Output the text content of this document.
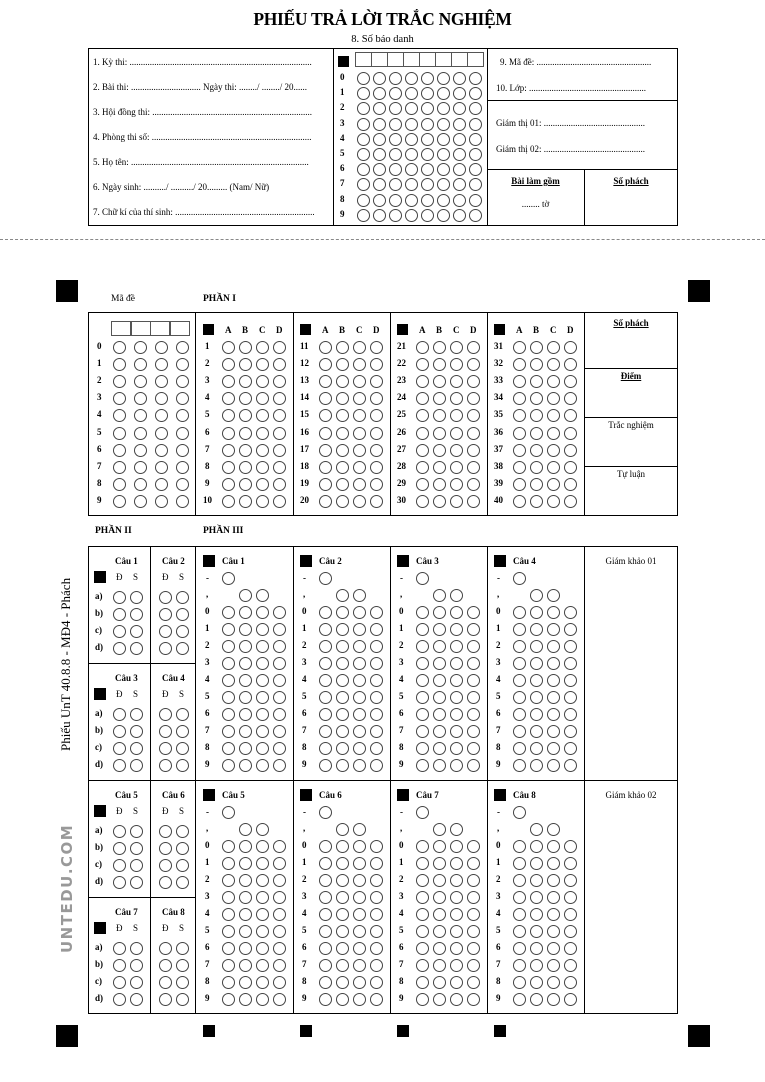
PHIẾU TRẢ LỜI TRẮC NGHIỆM
8. Số báo danh
1. Kỳ thi: .................................................................................
2. Bài thi: ............................... Ngày thi: ......../ ......../ 20......
3. Hội đồng thi: .......................................................................
4. Phòng thi số: .......................................................................
5. Họ tên: ...............................................................................
6. Ngày sinh: ........../ ........../ 20......... (Nam/ Nữ)
7. Chữ kí của thí sinh: ..............................................................
9. Mã đề: ...................................................
10. Lớp: ....................................................
Giám thị 01: .............................................
Giám thị 02: .............................................
Bài làm gồm
........ tờ
Số phách
0
1
2
3
4
5
6
7
8
9
Mã đề	PHẦN I
Số phách
Điểm
Trắc nghiệm
Tự luận
0
1
2
3
4
5
6
7
8
9
A B C D
1
2
3
4
5
6
7
8
9
10
A B C D
11
12
13
14
15
16
17
18
19
20
A B C D
21
22
23
24
25
26
27
28
29
30
A B C D
31
32
33
34
35
36
37
38
39
40
PHẦN II	PHẦN III
Giám khảo 01
Giám khảo 02
Câu 1	Câu 2
Đ S	Đ S
a)
b)
c)
d)
Câu 3	Câu 4
Đ S	Đ S
a)
b)
c)
d)
Câu 5	Câu 6
Đ S	Đ S
a)
b)
c)
d)
Câu 7	Câu 8
Đ S	Đ S
a)
b)
c)
d)
Câu 1
-
,
0
1
2
3
4
5
6
7
8
9
Câu 2
-
,
0
1
2
3
4
5
6
7
8
9
Câu 3
-
,
0
1
2
3
4
5
6
7
8
9
Câu 4
-
,
0
1
2
3
4
5
6
7
8
9
Câu 5
-
,
0
1
2
3
4
5
6
7
8
9
Câu 6
-
,
0
1
2
3
4
5
6
7
8
9
Câu 7
-
,
0
1
2
3
4
5
6
7
8
9
Câu 8
-
,
0
1
2
3
4
5
6
7
8
9
Phiếu UnT 40.8.8 - MĐ4 - Phách
UNTEDU.COM
